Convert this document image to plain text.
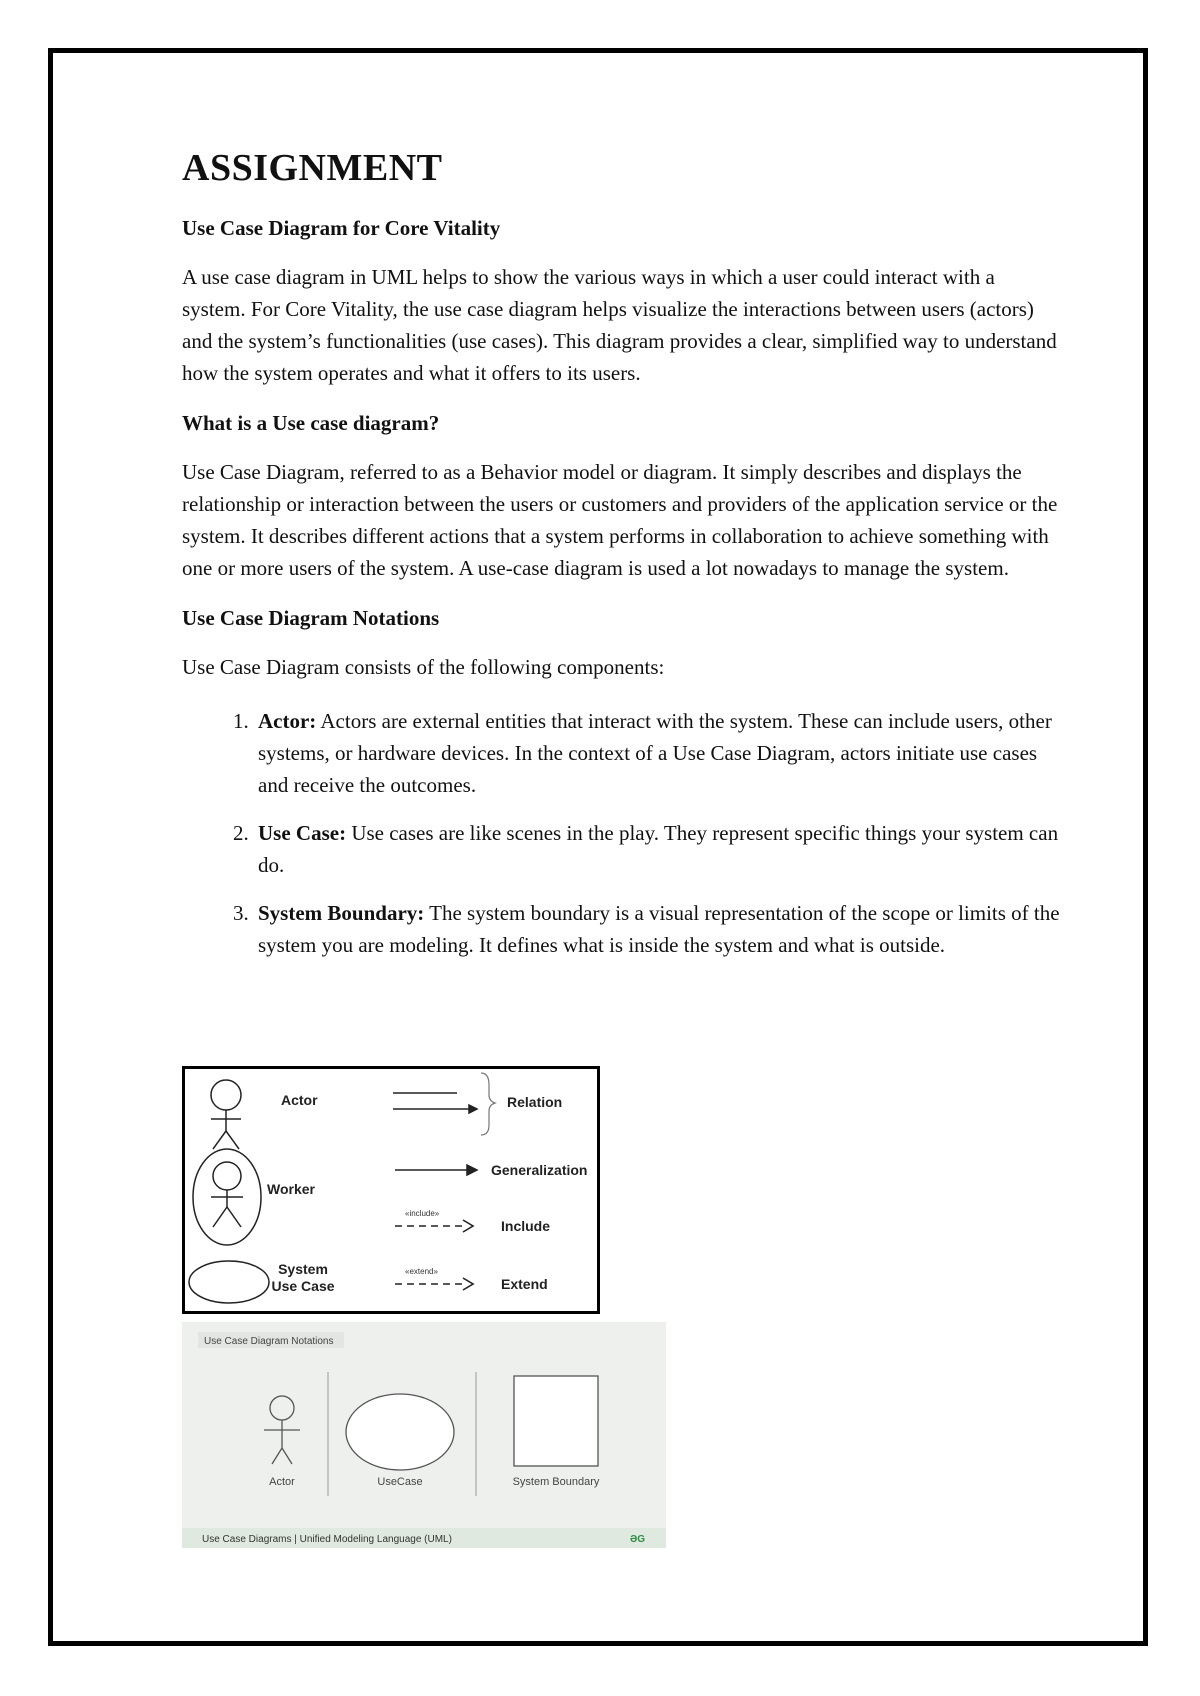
ASSIGNMENT
Use Case Diagram for Core Vitality

A use case diagram in UML helps to show the various ways in which a user could interact with a system. For Core Vitality, the use case diagram helps visualize the interactions between users (actors) and the system’s functionalities (use cases). This diagram provides a clear, simplified way to understand how the system operates and what it offers to its users.

What is a Use case diagram?

Use Case Diagram, referred to as a Behavior model or diagram. It simply describes and displays the relationship or interaction between the users or customers and providers of the application service or the system. It describes different actions that a system performs in collaboration to achieve something with one or more users of the system. A use-case diagram is used a lot nowadays to manage the system.

Use Case Diagram Notations

Use Case Diagram consists of the following components:

1. Actor: Actors are external entities that interact with the system. These can include users, other systems, or hardware devices. In the context of a Use Case Diagram, actors initiate use cases and receive the outcomes.
2. Use Case: Use cases are like scenes in the play. They represent specific things your system can do.
3. System Boundary: The system boundary is a visual representation of the scope or limits of the system you are modeling. It defines what is inside the system and what is outside.
Actor	Relation
Worker
Generalization
«include»
Include
System
Use Case
«extend»
Extend
Use Case Diagram Notations
Actor	UseCase	System Boundary
Use Case Diagrams | Unified Modeling Language (UML)	ƏG
